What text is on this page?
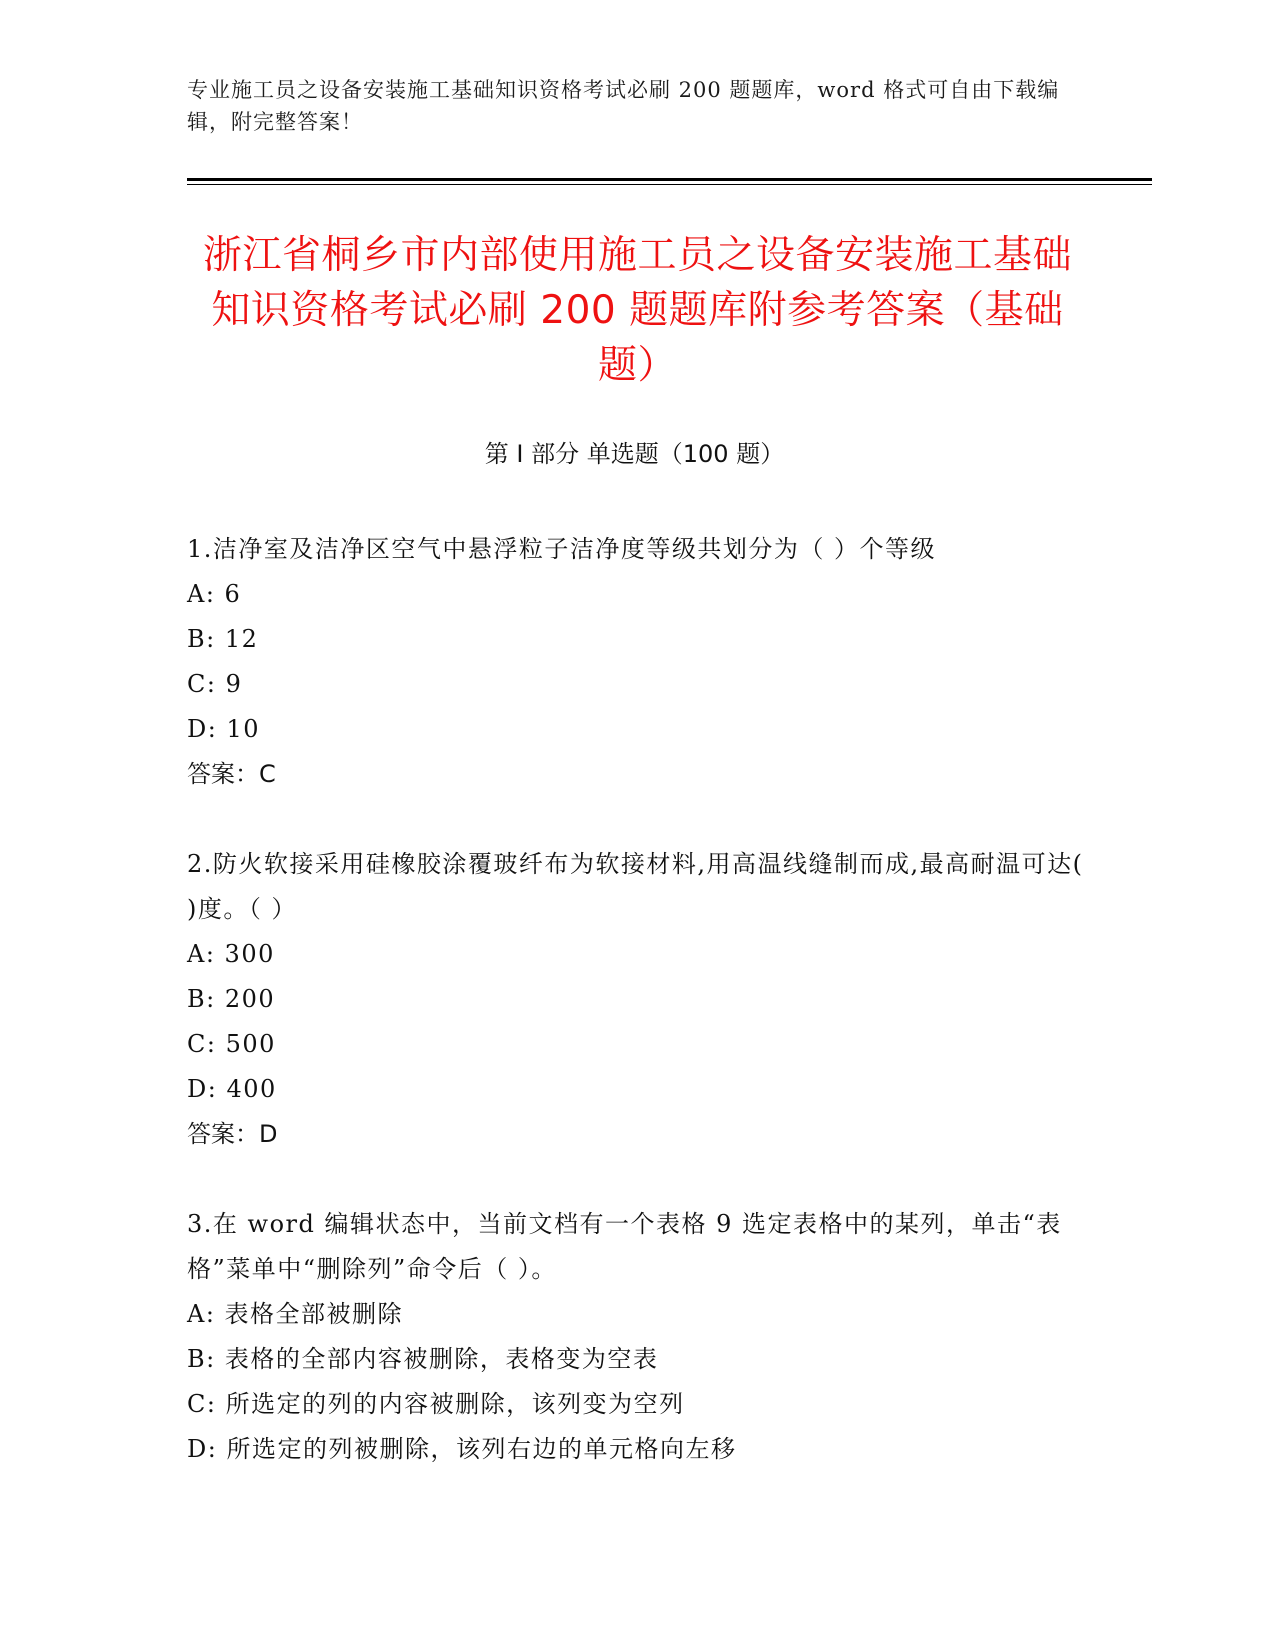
专业施工员之设备安装施工基础知识资格考试必刷 200 题题库，word 格式可自由下载编辑，附完整答案！
浙江省桐乡市内部使用施工员之设备安装施工基础知识资格考试必刷 200 题题库附参考答案（基础题）
第 I 部分 单选题（100 题）

1.洁净室及洁净区空气中悬浮粒子洁净度等级共划分为（ ）个等级

A: 6

B: 12

C: 9

D: 10

答案：C

2.防火软接采用硅橡胶涂覆玻纤布为软接材料,用高温线缝制而成,最高耐温可达( )度。（ ）

A: 300

B: 200

C: 500

D: 400

答案：D

3.在 word 编辑状态中，当前文档有一个表格 9 选定表格中的某列，单击“表格”菜单中“删除列”命令后（ ）。

A: 表格全部被删除

B: 表格的全部内容被删除，表格变为空表

C: 所选定的列的内容被删除，该列变为空列

D: 所选定的列被删除，该列右边的单元格向左移
